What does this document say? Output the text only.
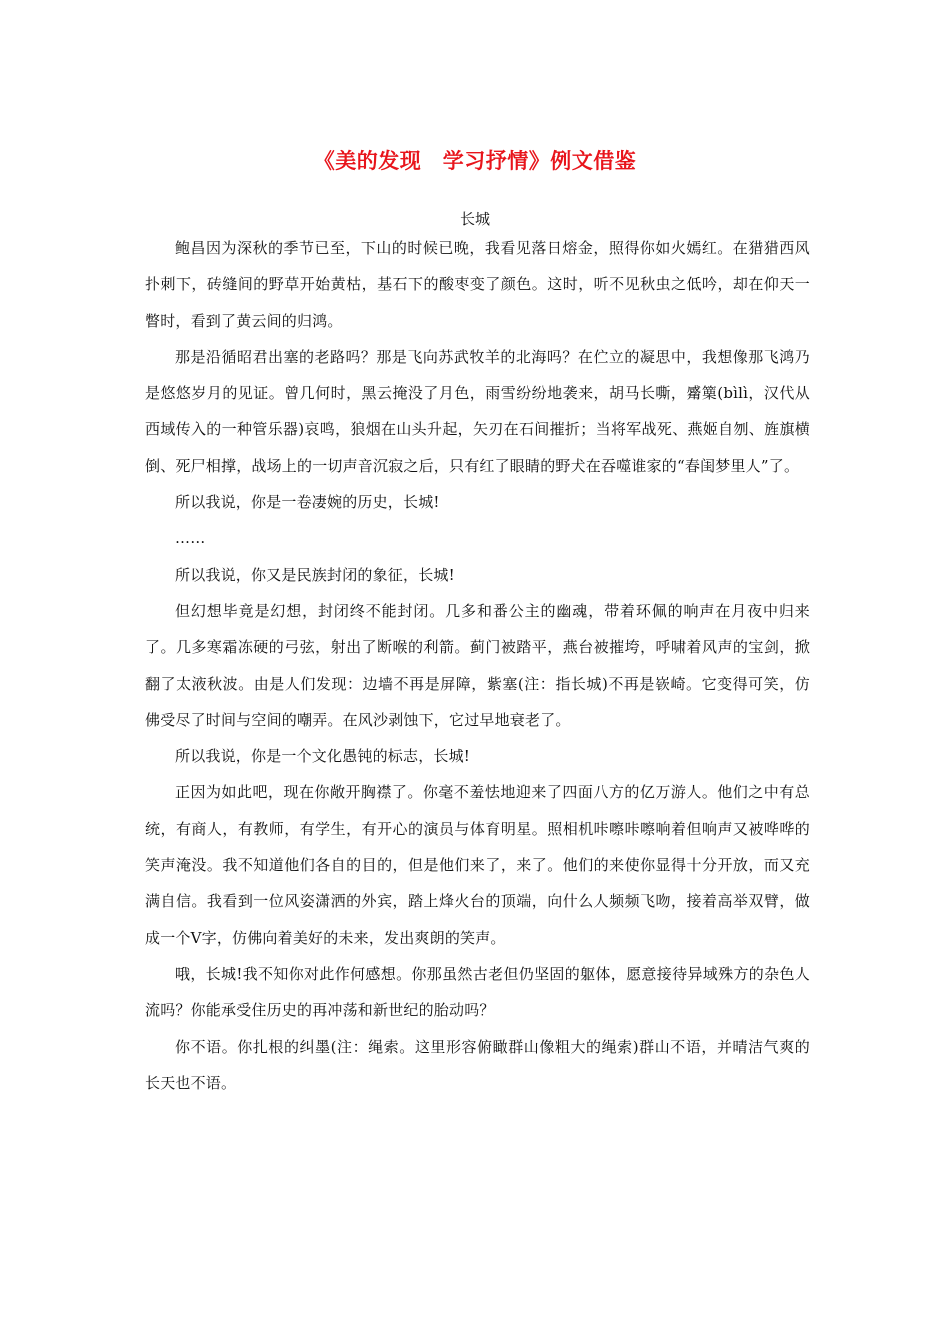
《美的发现　学习抒情》例文借鉴
长城

鲍昌因为深秋的季节已至，下山的时候已晚，我看见落日熔金，照得你如火嫣红。在猎猎西风扑刺下，砖缝间的野草开始黄枯，基石下的酸枣变了颜色。这时，听不见秋虫之低吟，却在仰天一瞥时，看到了黄云间的归鸿。

那是沿循昭君出塞的老路吗？那是飞向苏武牧羊的北海吗？在伫立的凝思中，我想像那飞鸿乃是悠悠岁月的见证。曾几何时，黑云掩没了月色，雨雪纷纷地袭来，胡马长嘶，觱篥(bìlì，汉代从西域传入的一种管乐器)哀鸣，狼烟在山头升起，矢刃在石间摧折；当将军战死、燕姬自刎、旌旗横倒、死尸相撑，战场上的一切声音沉寂之后，只有红了眼睛的野犬在吞噬谁家的“春闺梦里人”了。

所以我说，你是一卷凄婉的历史，长城!

……

所以我说，你又是民族封闭的象征，长城!

但幻想毕竟是幻想，封闭终不能封闭。几多和番公主的幽魂，带着环佩的响声在月夜中归来了。几多寒霜冻硬的弓弦，射出了断喉的利箭。蓟门被踏平，燕台被摧垮，呼啸着风声的宝剑，掀翻了太液秋波。由是人们发现：边墙不再是屏障，紫塞(注：指长城)不再是嵚崎。它变得可笑，仿佛受尽了时间与空间的嘲弄。在风沙剥蚀下，它过早地衰老了。

所以我说，你是一个文化愚钝的标志，长城!

正因为如此吧，现在你敞开胸襟了。你毫不羞怯地迎来了四面八方的亿万游人。他们之中有总统，有商人，有教师，有学生，有开心的演员与体育明星。照相机咔嚓咔嚓响着但响声又被哗哗的笑声淹没。我不知道他们各自的目的，但是他们来了，来了。他们的来使你显得十分开放，而又充满自信。我看到一位风姿潇洒的外宾，踏上烽火台的顶端，向什么人频频飞吻，接着高举双臂，做成一个Ⅴ字，仿佛向着美好的未来，发出爽朗的笑声。

哦，长城!我不知你对此作何感想。你那虽然古老但仍坚固的躯体，愿意接待异域殊方的杂色人流吗？你能承受住历史的再冲荡和新世纪的胎动吗？

你不语。你扎根的纠墨(注：绳索。这里形容俯瞰群山像粗大的绳索)群山不语，并晴洁气爽的长天也不语。
